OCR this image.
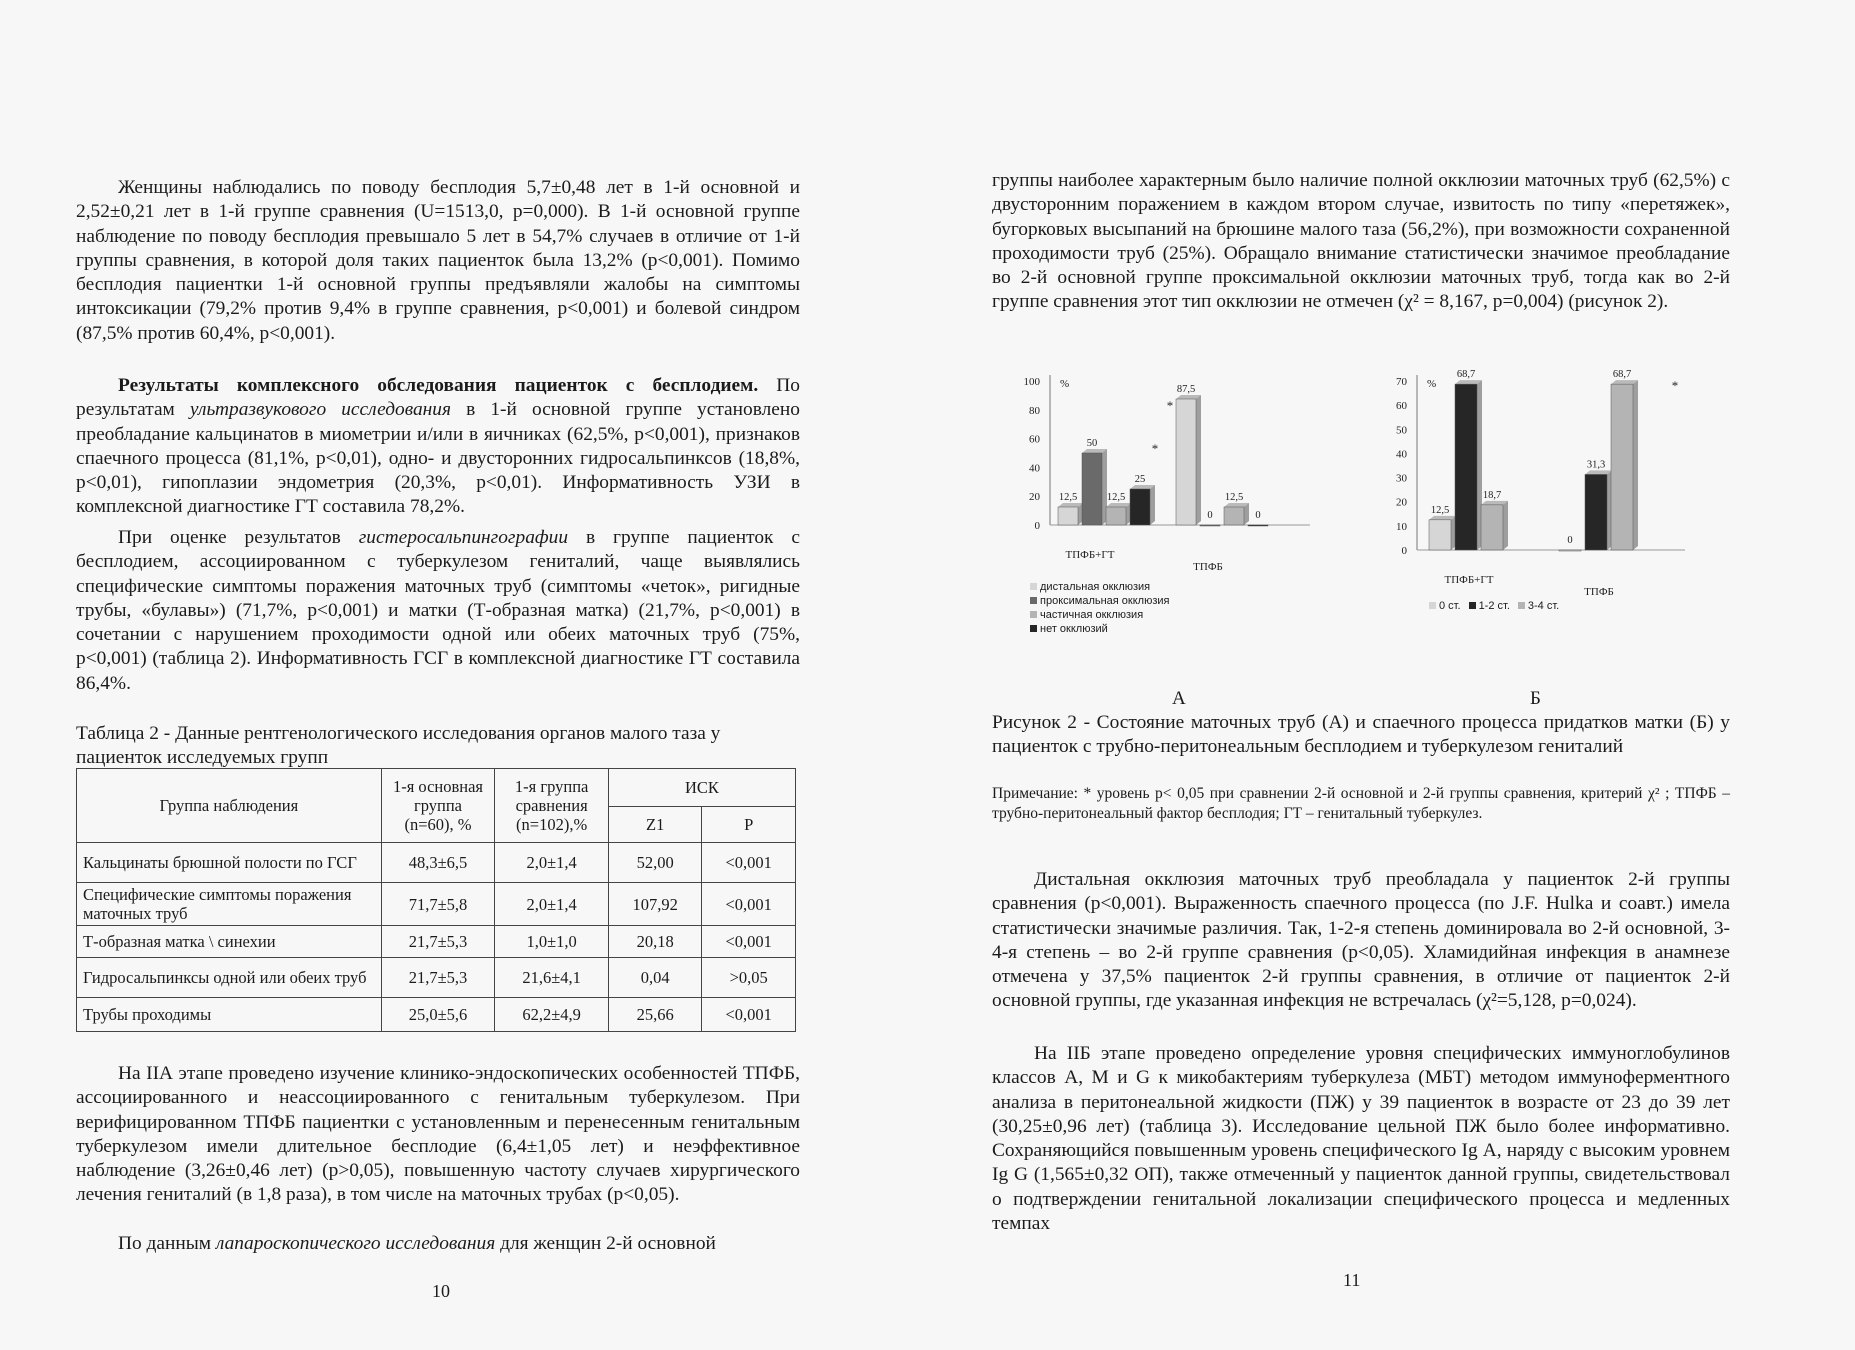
Женщины наблюдались по поводу бесплодия 5,7±0,48 лет в 1-й основной и 2,52±0,21 лет в 1-й группе сравнения (U=1513,0, p=0,000). В 1-й основной группе наблюдение по поводу бесплодия превышало 5 лет в 54,7% случаев в отличие от 1-й группы сравнения, в которой доля таких пациенток была 13,2% (p<0,001). Помимо бесплодия пациентки 1-й основной группы предъявляли жалобы на симптомы интоксикации (79,2% против 9,4% в группе сравнения, p<0,001) и болевой синдром (87,5% против 60,4%, p<0,001).

Результаты комплексного обследования пациенток с бесплодием. По результатам ультразвукового исследования в 1-й основной группе установлено преобладание кальцинатов в миометрии и/или в яичниках (62,5%, p<0,001), признаков спаечного процесса (81,1%, p<0,01), одно- и двусторонних гидросальпинксов (18,8%, p<0,01), гипоплазии эндометрия (20,3%, p<0,01). Информативность УЗИ в комплексной диагностике ГТ составила 78,2%.

При оценке результатов гистеросальпингографии в группе пациенток с бесплодием, ассоциированном с туберкулезом гениталий, чаще выявлялись специфические симптомы поражения маточных труб (симптомы «четок», ригидные трубы, «булавы») (71,7%, p<0,001) и матки (Т-образная матка) (21,7%, p<0,001) в сочетании с нарушением проходимости одной или обеих маточных труб (75%, p<0,001) (таблица 2). Информативность ГСГ в комплексной диагностике ГТ составила 86,4%.

Таблица 2 - Данные рентгенологического исследования органов малого таза у пациенток исследуемых групп

Группа наблюдения	1-я основная группа (n=60), %	1-я группа сравнения (n=102),%	ИСК	
			Z1	P
Кальцинаты брюшной полости по ГСГ	48,3±6,5	2,0±1,4	52,00	<0,001
Специфические симптомы поражения маточных труб	71,7±5,8	2,0±1,4	107,92	<0,001
Т-образная матка \ синехии	21,7±5,3	1,0±1,0	20,18	<0,001
Гидросальпинксы одной или обеих труб	21,7±5,3	21,6±4,1	0,04	>0,05
Трубы проходимы	25,0±5,6	62,2±4,9	25,66	<0,001

На IIА этапе проведено изучение клинико-эндоскопических особенностей ТПФБ, ассоциированного и неассоциированного с генитальным туберкулезом. При верифицированном ТПФБ пациентки с установленным и перенесенным генитальным туберкулезом имели длительное бесплодие (6,4±1,05 лет) и неэффективное наблюдение (3,26±0,46 лет) (p>0,05), повышенную частоту случаев хирургического лечения гениталий (в 1,8 раза), в том числе на маточных трубах (p<0,05).

По данным лапароскопического исследования для женщин 2-й основной

10

группы наиболее характерным было наличие полной окклюзии маточных труб (62,5%) с двусторонним поражением в каждом втором случае, извитость по типу «перетяжек», бугорковых высыпаний на брюшине малого таза (56,2%), при возможности сохраненной проходимости труб (25%). Обращало внимание статистически значимое преобладание во 2-й основной группе проксимальной окклюзии маточных труб, тогда как во 2-й группе сравнения этот тип окклюзии не отмечен (χ² = 8,167, p=0,004) (рисунок 2).

100
80
60
40
20
0
%
12,5
50
12,5
25
ТПФБ+ГТ
87,5
0
12,5
0
ТПФБ
*
*
дистальная окклюзия
проксимальная окклюзия
частичная окклюзия
нет окклюзий
70
60
50
40
30
20
10
0
%
12,5
68,7
18,7
ТПФБ+ГТ
0
31,3
68,7
ТПФБ
*
0 ст. 1-2 ст. 3-4 ст.
А	Б

Рисунок 2 - Состояние маточных труб (А) и спаечного процесса придатков матки (Б) у пациенток с трубно-перитонеальным бесплодием и туберкулезом гениталий

Примечание: * уровень p< 0,05 при сравнении 2-й основной и 2-й группы сравнения, критерий χ² ; ТПФБ – трубно-перитонеальный фактор бесплодия; ГТ – генитальный туберкулез.

Дистальная окклюзия маточных труб преобладала у пациенток 2-й группы сравнения (p<0,001). Выраженность спаечного процесса (по J.F. Hulka и соавт.) имела статистически значимые различия. Так, 1-2-я степень доминировала во 2-й основной, 3-4-я степень – во 2-й группе сравнения (p<0,05). Хламидийная инфекция в анамнезе отмечена у 37,5% пациенток 2-й группы сравнения, в отличие от пациенток 2-й основной группы, где указанная инфекция не встречалась (χ²=5,128, p=0,024).

На IIБ этапе проведено определение уровня специфических иммуноглобулинов классов А, М и G к микобактериям туберкулеза (МБТ) методом иммуноферментного анализа в перитонеальной жидкости (ПЖ) у 39 пациенток в возрасте от 23 до 39 лет (30,25±0,96 лет) (таблица 3). Исследование цельной ПЖ было более информативно. Сохраняющийся повышенным уровень специфического Ig А, наряду с высоким уровнем Ig G (1,565±0,32 ОП), также отмеченный у пациенток данной группы, свидетельствовал о подтверждении генитальной локализации специфического процесса и медленных темпах

11
